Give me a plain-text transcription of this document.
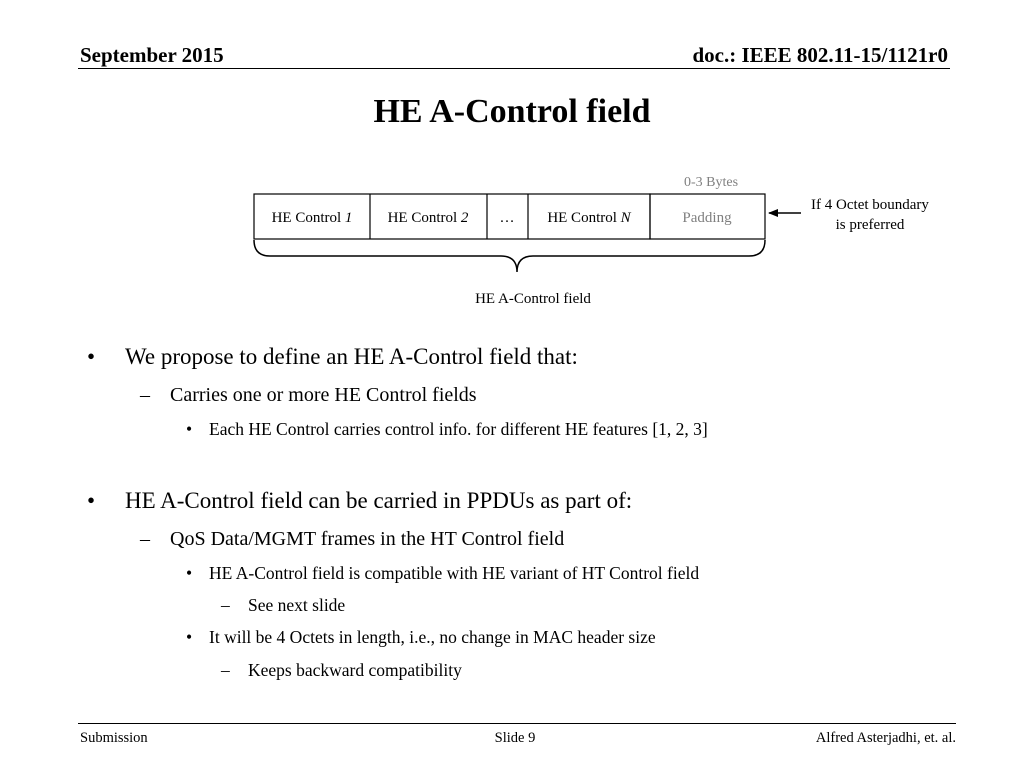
September 2015	doc.: IEEE 802.11-15/1121r0
HE A-Control field
0-3 Bytes
HE Control 1 HE Control 2 … HE Control N	Padding
If 4 Octet boundary
is preferred
HE A-Control field
• We propose to define an HE A-Control field that:
– Carries one or more HE Control fields
• Each HE Control carries control info. for different HE features [1, 2, 3]
• HE A-Control field can be carried in PPDUs as part of:
– QoS Data/MGMT frames in the HT Control field
• HE A-Control field is compatible with HE variant of HT Control field
– See next slide
• It will be 4 Octets in length, i.e., no change in MAC header size
– Keeps backward compatibility
Submission	Slide 9	Alfred Asterjadhi, et. al.
